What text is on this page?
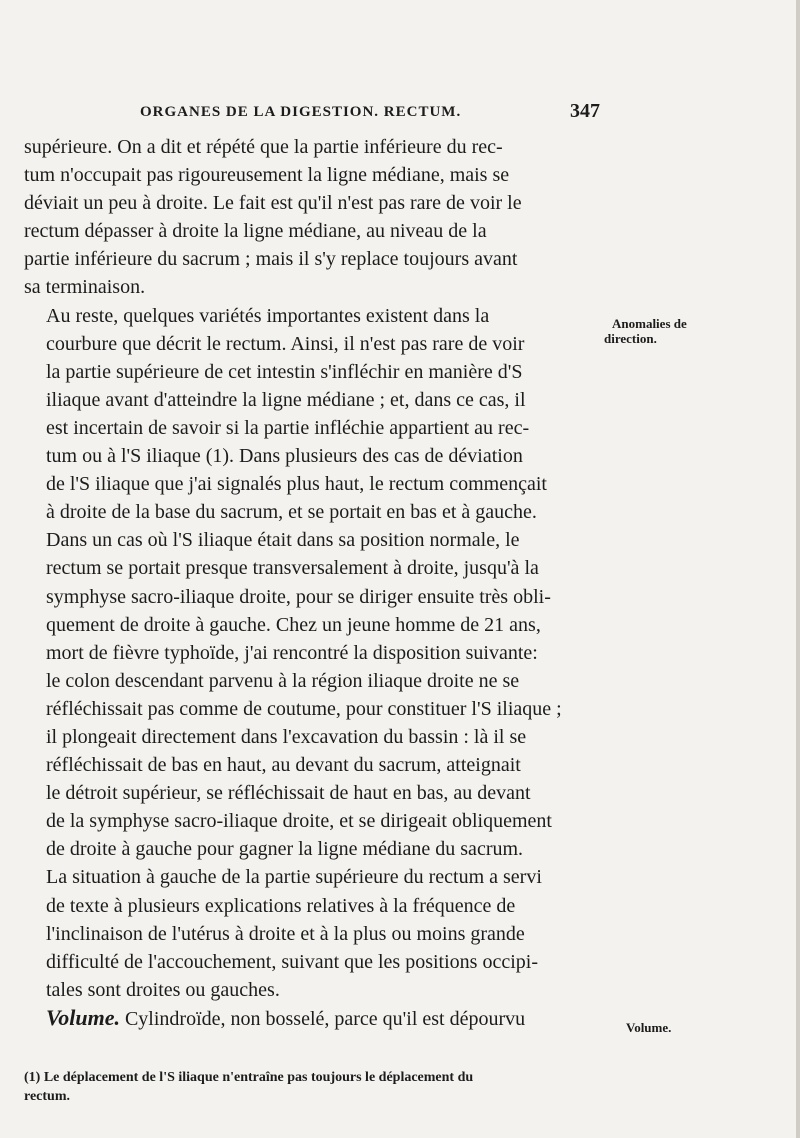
ORGANES DE LA DIGESTION. RECTUM.	347

supérieure. On a dit et répété que la partie inférieure du rec-
tum n'occupait pas rigoureusement la ligne médiane, mais se
déviait un peu à droite. Le fait est qu'il n'est pas rare de voir le
rectum dépasser à droite la ligne médiane, au niveau de la
partie inférieure du sacrum ; mais il s'y replace toujours avant
sa terminaison.

Au reste, quelques variétés importantes existent dans la
courbure que décrit le rectum. Ainsi, il n'est pas rare de voir
la partie supérieure de cet intestin s'infléchir en manière d'S
iliaque avant d'atteindre la ligne médiane ; et, dans ce cas, il
est incertain de savoir si la partie infléchie appartient au rec-
tum ou à l'S iliaque (1). Dans plusieurs des cas de déviation
de l'S iliaque que j'ai signalés plus haut, le rectum commençait
à droite de la base du sacrum, et se portait en bas et à gauche.
Dans un cas où l'S iliaque était dans sa position normale, le
rectum se portait presque transversalement à droite, jusqu'à la
symphyse sacro-iliaque droite, pour se diriger ensuite très obli-
quement de droite à gauche. Chez un jeune homme de 21 ans,
mort de fièvre typhoïde, j'ai rencontré la disposition suivante:
le colon descendant parvenu à la région iliaque droite ne se
réfléchissait pas comme de coutume, pour constituer l'S iliaque ;
il plongeait directement dans l'excavation du bassin : là il se
réfléchissait de bas en haut, au devant du sacrum, atteignait
le détroit supérieur, se réfléchissait de haut en bas, au devant
de la symphyse sacro-iliaque droite, et se dirigeait obliquement
de droite à gauche pour gagner la ligne médiane du sacrum.
La situation à gauche de la partie supérieure du rectum a servi
de texte à plusieurs explications relatives à la fréquence de
l'inclinaison de l'utérus à droite et à la plus ou moins grande
difficulté de l'accouchement, suivant que les positions occipi-
tales sont droites ou gauches.

Volume. Cylindroïde, non bosselé, parce qu'il est dépourvu

Anomalies de
direction.
Volume.
(1) Le déplacement de l'S iliaque n'entraîne pas toujours le déplacement du
rectum.
